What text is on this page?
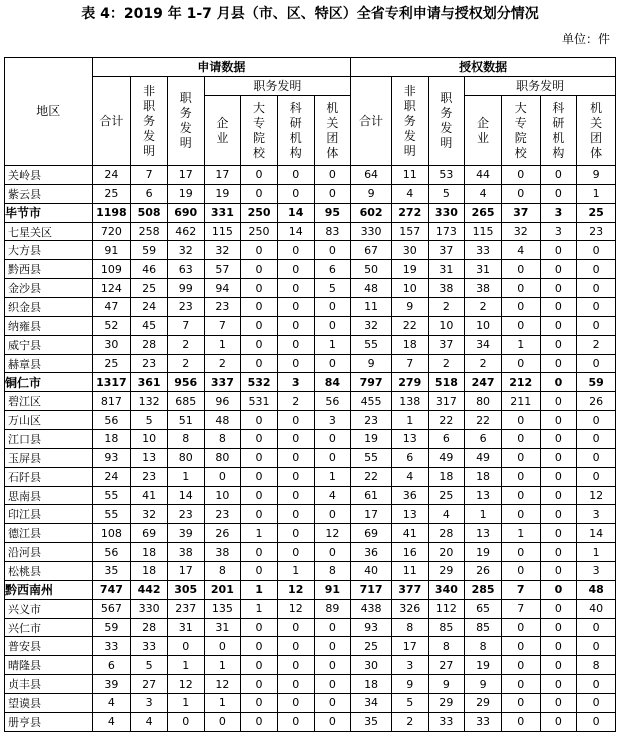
表 4：2019 年 1-7 月县（市、区、特区）全省专利申请与授权划分情况
单位：件
地区	申请数据							授权数据						
	合计	非职务发明	职务发明	职务发明				合计	非职务发明	职务发明	职务发明			
				企业	大专院校	科研机构	机关团体				企业	大专院校	科研机构	机关团体
关岭县	24	7	17	17	0	0	0	64	11	53	44	0	0	9
紫云县	25	6	19	19	0	0	0	9	4	5	4	0	0	1
毕节市	1198	508	690	331	250	14	95	602	272	330	265	37	3	25
七星关区	720	258	462	115	250	14	83	330	157	173	115	32	3	23
大方县	91	59	32	32	0	0	0	67	30	37	33	4	0	0
黔西县	109	46	63	57	0	0	6	50	19	31	31	0	0	0
金沙县	124	25	99	94	0	0	5	48	10	38	38	0	0	0
织金县	47	24	23	23	0	0	0	11	9	2	2	0	0	0
纳雍县	52	45	7	7	0	0	0	32	22	10	10	0	0	0
威宁县	30	28	2	1	0	0	1	55	18	37	34	1	0	2
赫章县	25	23	2	2	0	0	0	9	7	2	2	0	0	0
铜仁市	1317	361	956	337	532	3	84	797	279	518	247	212	0	59
碧江区	817	132	685	96	531	2	56	455	138	317	80	211	0	26
万山区	56	5	51	48	0	0	3	23	1	22	22	0	0	0
江口县	18	10	8	8	0	0	0	19	13	6	6	0	0	0
玉屏县	93	13	80	80	0	0	0	55	6	49	49	0	0	0
石阡县	24	23	1	0	0	0	1	22	4	18	18	0	0	0
思南县	55	41	14	10	0	0	4	61	36	25	13	0	0	12
印江县	55	32	23	23	0	0	0	17	13	4	1	0	0	3
德江县	108	69	39	26	1	0	12	69	41	28	13	1	0	14
沿河县	56	18	38	38	0	0	0	36	16	20	19	0	0	1
松桃县	35	18	17	8	0	1	8	40	11	29	26	0	0	3
黔西南州	747	442	305	201	1	12	91	717	377	340	285	7	0	48
兴义市	567	330	237	135	1	12	89	438	326	112	65	7	0	40
兴仁市	59	28	31	31	0	0	0	93	8	85	85	0	0	0
普安县	33	33	0	0	0	0	0	25	17	8	8	0	0	0
晴隆县	6	5	1	1	0	0	0	30	3	27	19	0	0	8
贞丰县	39	27	12	12	0	0	0	18	9	9	9	0	0	0
望谟县	4	3	1	1	0	0	0	34	5	29	29	0	0	0
册亨县	4	4	0	0	0	0	0	35	2	33	33	0	0	0
